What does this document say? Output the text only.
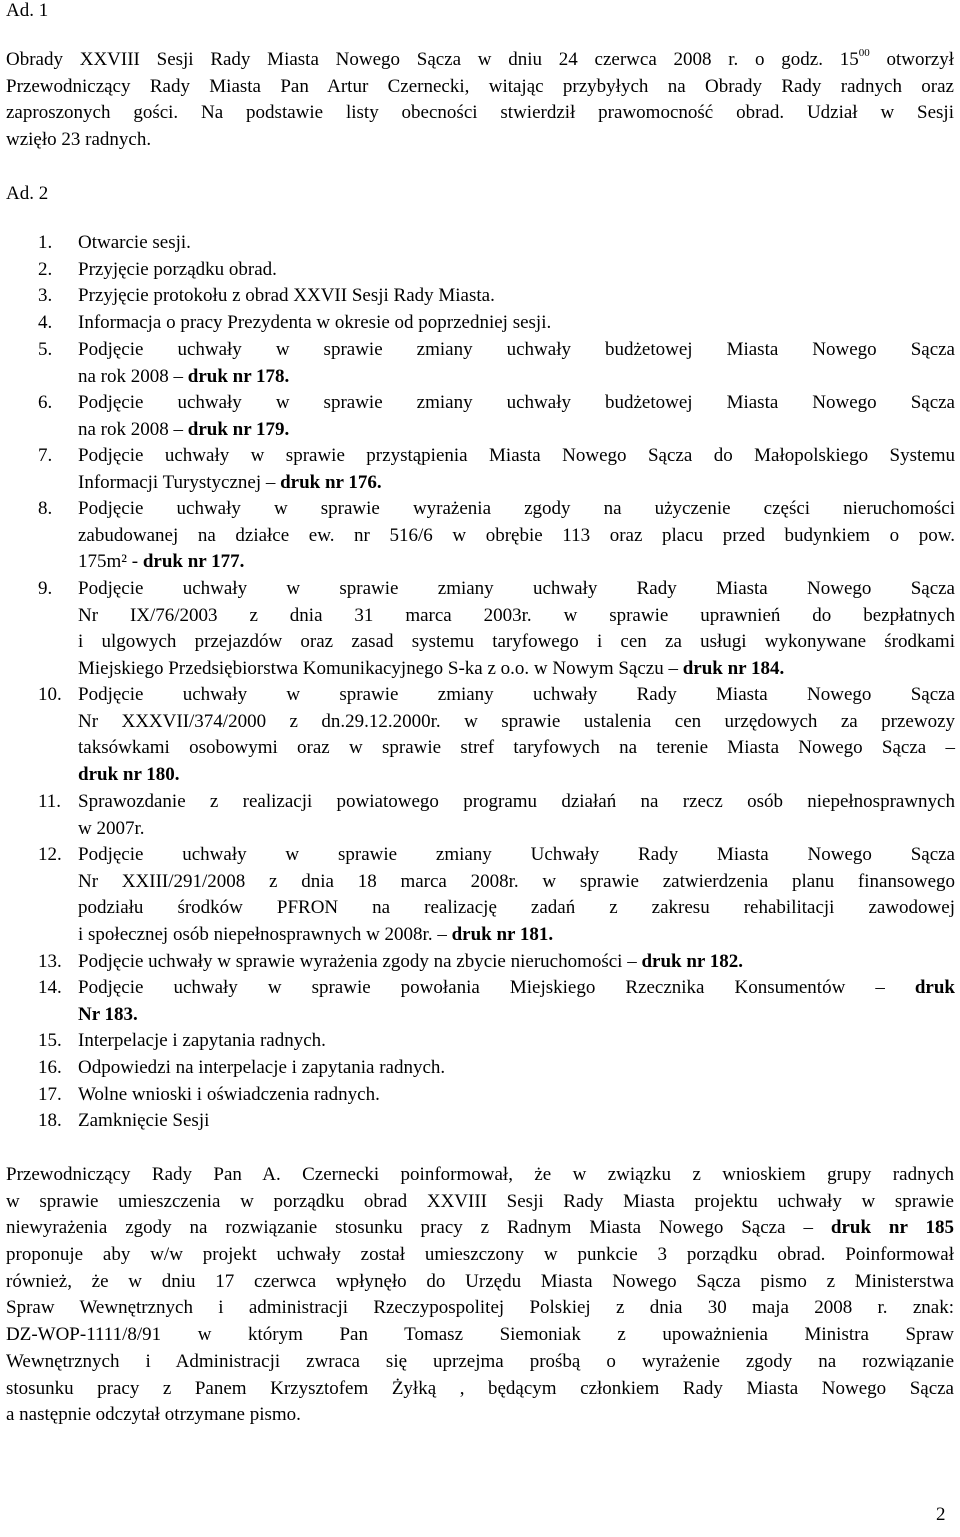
Ad. 1
Obrady XXVIII Sesji Rady Miasta Nowego Sącza w dniu 24 czerwca 2008 r. o godz. $15^{00}$ otworzył
Przewodniczący Rady Miasta Pan Artur Czernecki, witając przybyłych na Obrady Rady radnych oraz
zaproszonych gości. Na podstawie listy obecności stwierdził prawomocność obrad. Udział w Sesji
wzięło 23 radnych.
Ad. 2
1.	Otwarcie sesji.
2.	Przyjęcie porządku obrad.
3.	Przyjęcie protokołu z obrad XXVII Sesji Rady Miasta.
4.	Informacja o pracy Prezydenta w okresie od poprzedniej sesji.
5.	Podjęcie uchwały w sprawie zmiany uchwały budżetowej Miasta Nowego Sącza
na rok 2008 – druk nr 178.
6.	Podjęcie uchwały w sprawie zmiany uchwały budżetowej Miasta Nowego Sącza
na rok 2008 – druk nr 179.
7.	Podjęcie uchwały w sprawie przystąpienia Miasta Nowego Sącza do Małopolskiego Systemu
Informacji Turystycznej – druk nr 176.
8.	Podjęcie uchwały w sprawie wyrażenia zgody na użyczenie części nieruchomości
zabudowanej na działce ew. nr 516/6 w obrębie 113 oraz placu przed budynkiem o pow.
175m² - druk nr 177.
9.	Podjęcie uchwały w sprawie zmiany uchwały Rady Miasta Nowego Sącza
Nr IX/76/2003 z dnia 31 marca 2003r. w sprawie uprawnień do bezpłatnych
i ulgowych przejazdów oraz zasad systemu taryfowego i cen za usługi wykonywane środkami
Miejskiego Przedsiębiorstwa Komunikacyjnego S-ka z o.o. w Nowym Sączu – druk nr 184.
10. Podjęcie uchwały w sprawie zmiany uchwały Rady Miasta Nowego Sącza
Nr XXXVII/374/2000 z dn.29.12.2000r. w sprawie ustalenia cen urzędowych za przewozy
taksówkami osobowymi oraz w sprawie stref taryfowych na terenie Miasta Nowego Sącza –
druk nr 180.
11. Sprawozdanie z realizacji powiatowego programu działań na rzecz osób niepełnosprawnych
w 2007r.
12. Podjęcie uchwały w sprawie zmiany Uchwały Rady Miasta Nowego Sącza
Nr XXIII/291/2008 z dnia 18 marca 2008r. w sprawie zatwierdzenia planu finansowego
podziału środków PFRON na realizację zadań z zakresu rehabilitacji zawodowej
i społecznej osób niepełnosprawnych w 2008r. – druk nr 181.
13. Podjęcie uchwały w sprawie wyrażenia zgody na zbycie nieruchomości – druk nr 182.
14. Podjęcie uchwały w sprawie powołania Miejskiego Rzecznika Konsumentów – druk
Nr 183.
15. Interpelacje i zapytania radnych.
16. Odpowiedzi na interpelacje i zapytania radnych.
17. Wolne wnioski i oświadczenia radnych.
18. Zamknięcie Sesji
Przewodniczący Rady Pan A. Czernecki poinformował, że w związku z wnioskiem grupy radnych
w sprawie umieszczenia w porządku obrad XXVIII Sesji Rady Miasta projektu uchwały w sprawie
niewyrażenia zgody na rozwiązanie stosunku pracy z Radnym Miasta Nowego Sącza – druk nr 185
proponuje aby w/w projekt uchwały został umieszczony w punkcie 3 porządku obrad. Poinformował
również, że w dniu 17 czerwca wpłynęło do Urzędu Miasta Nowego Sącza pismo z Ministerstwa
Spraw Wewnętrznych i administracji Rzeczypospolitej Polskiej z dnia 30 maja 2008 r. znak:
DZ-WOP-1111/8/91 w którym Pan Tomasz Siemoniak z upoważnienia Ministra Spraw
Wewnętrznych i Administracji zwraca się uprzejma prośbą o wyrażenie zgody na rozwiązanie
stosunku pracy z Panem Krzysztofem Żyłką , będącym członkiem Rady Miasta Nowego Sącza
a następnie odczytał otrzymane pismo.
2
